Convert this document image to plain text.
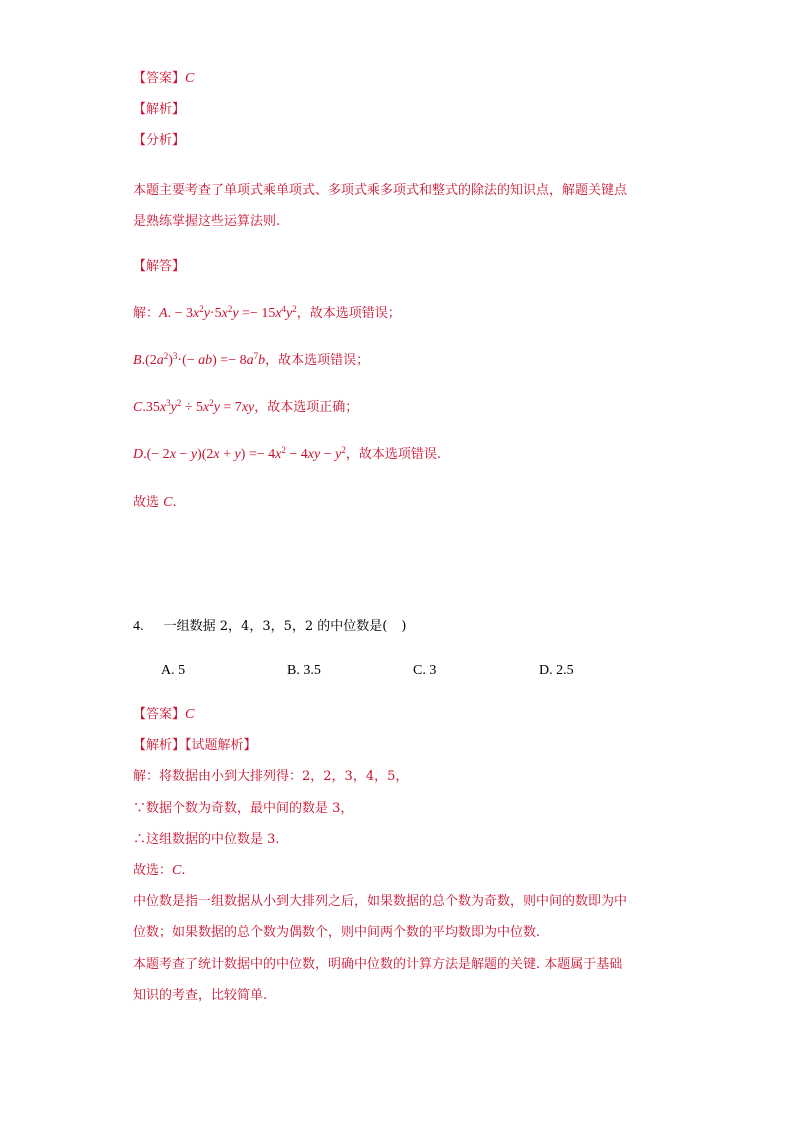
【答案】C
【解析】
【分析】
本题主要考查了单项式乘单项式、多项式乘多项式和整式的除法的知识点，解题关键点
是熟练掌握这些运算法则.
【解答】
解：A. − $3x^2y\cdot 5x^2y =- 15x^4y^2$，故本选项错误；
$B.(2a^2)^3\cdot(- ab) =- 8a^7b$，故本选项错误；
$C.35x^3y^2 \div 5x^2y = 7xy$，故本选项正确；
$D.(- 2x - y)(2x + y) =- 4x^2 - 4xy - y^2$，故本选项错误.
故选 C.
4. 一组数据 2，4，3，5，2 的中位数是( )
A. 5	B. 3.5	C. 3	D. 2.5
【答案】C
【解析】【试题解析】
解：将数据由小到大排列得：2，2，3，4，5，
∵数据个数为奇数，最中间的数是 3，
∴这组数据的中位数是 3.
故选：C.
中位数是指一组数据从小到大排列之后，如果数据的总个数为奇数，则中间的数即为中
位数；如果数据的总个数为偶数个，则中间两个数的平均数即为中位数.
本题考查了统计数据中的中位数，明确中位数的计算方法是解题的关键. 本题属于基础
知识的考查，比较简单.
